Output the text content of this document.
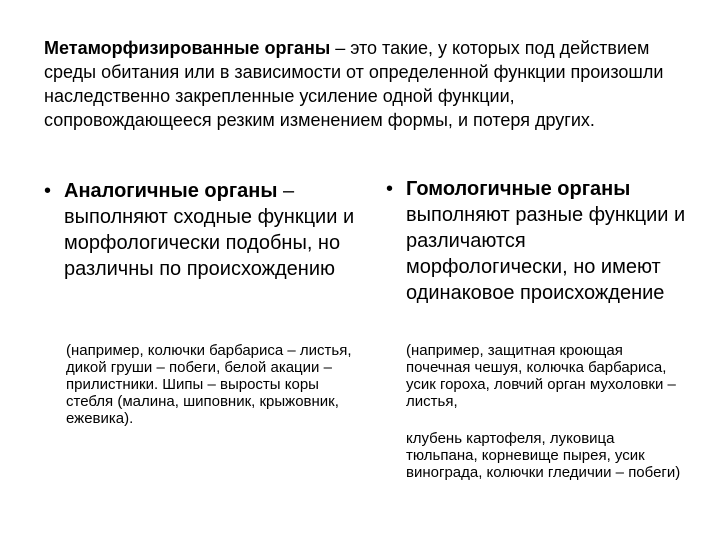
Метаморфизированные органы – это такие, у которых под действием среды обитания или в зависимости от определенной функции произошли наследственно закрепленные усиление одной функции, сопровождающееся резким изменением формы, и потеря других.
• Аналогичные органы – выполняют сходные функции и морфологически подобны, но различны по происхождению
(например, колючки барбариса – листья, дикой груши – побеги, белой акации – прилистники. Шипы – выросты коры стебля (малина, шиповник, крыжовник, ежевика).
• Гомологичные органы выполняют разные функции и различаются морфологически, но имеют одинаковое происхождение
(например, защитная кроющая почечная чешуя, колючка барбариса, усик гороха, ловчий орган мухоловки – листья,
клубень картофеля, луковица тюльпана, корневище пырея, усик винограда, колючки гледичии – побеги)
